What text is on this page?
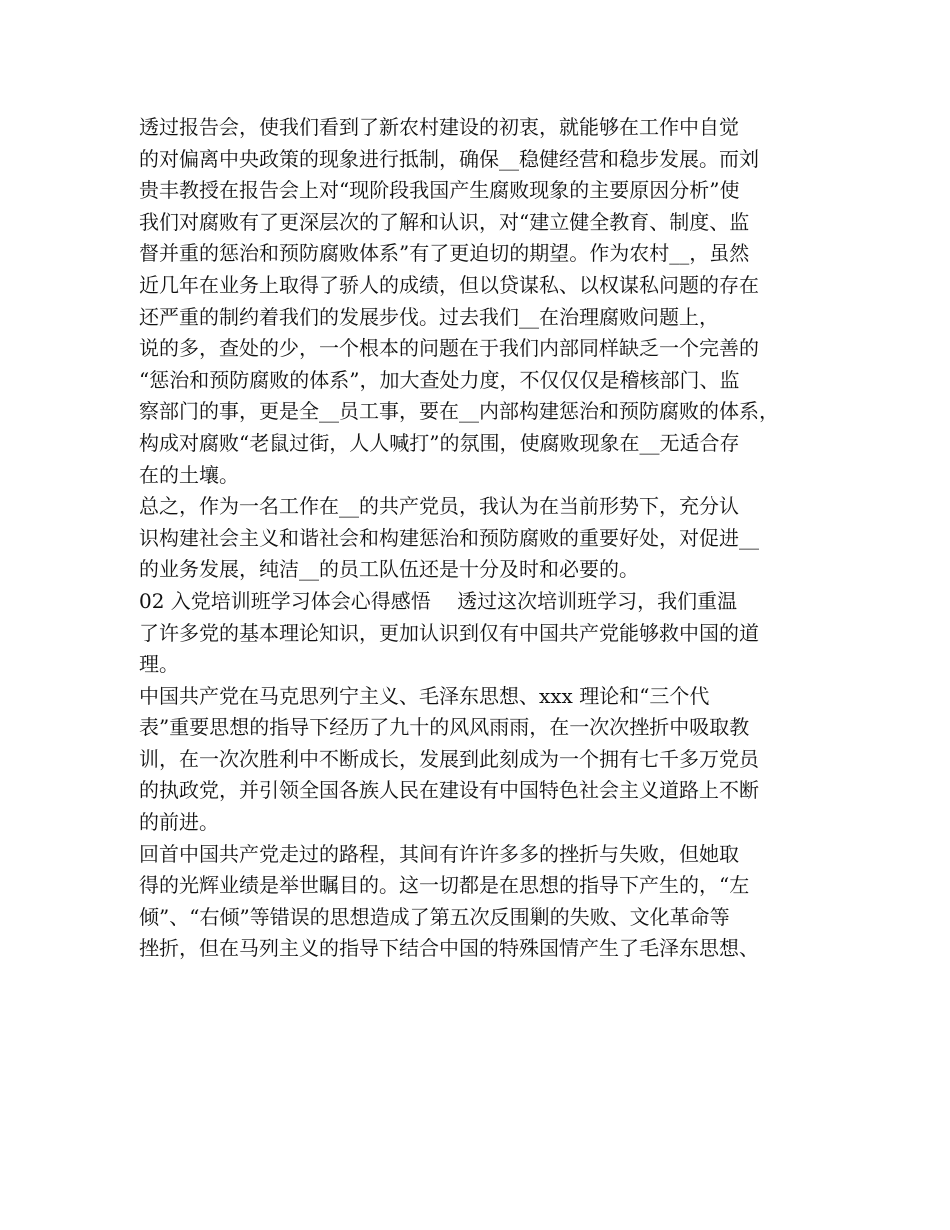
透过报告会，使我们看到了新农村建设的初衷，就能够在工作中自觉
的对偏离中央政策的现象进行抵制，确保__稳健经营和稳步发展。而刘
贵丰教授在报告会上对“现阶段我国产生腐败现象的主要原因分析”使
我们对腐败有了更深层次的了解和认识，对“建立健全教育、制度、监
督并重的惩治和预防腐败体系”有了更迫切的期望。作为农村__，虽然
近几年在业务上取得了骄人的成绩，但以贷谋私、以权谋私问题的存在
还严重的制约着我们的发展步伐。过去我们__在治理腐败问题上，
说的多，查处的少，一个根本的问题在于我们内部同样缺乏一个完善的
“惩治和预防腐败的体系”，加大查处力度，不仅仅仅是稽核部门、监
察部门的事，更是全__员工事，要在__内部构建惩治和预防腐败的体系，
构成对腐败“老鼠过街，人人喊打”的氛围，使腐败现象在__无适合存
在的土壤。
总之，作为一名工作在__的共产党员，我认为在当前形势下，充分认
识构建社会主义和谐社会和构建惩治和预防腐败的重要好处，对促进__
的业务发展，纯洁__的员工队伍还是十分及时和必要的。
02 入党培训班学习体会心得感悟　 透过这次培训班学习，我们重温
了许多党的基本理论知识，更加认识到仅有中国共产党能够救中国的道
理。
中国共产党在马克思列宁主义、毛泽东思想、xxx 理论和“三个代
表”重要思想的指导下经历了九十的风风雨雨，在一次次挫折中吸取教
训，在一次次胜利中不断成长，发展到此刻成为一个拥有七千多万党员
的执政党，并引领全国各族人民在建设有中国特色社会主义道路上不断
的前进。
回首中国共产党走过的路程，其间有许许多多的挫折与失败，但她取
得的光辉业绩是举世瞩目的。这一切都是在思想的指导下产生的，“左
倾”、“右倾”等错误的思想造成了第五次反围剿的失败、文化革命等
挫折，但在马列主义的指导下结合中国的特殊国情产生了毛泽东思想、
